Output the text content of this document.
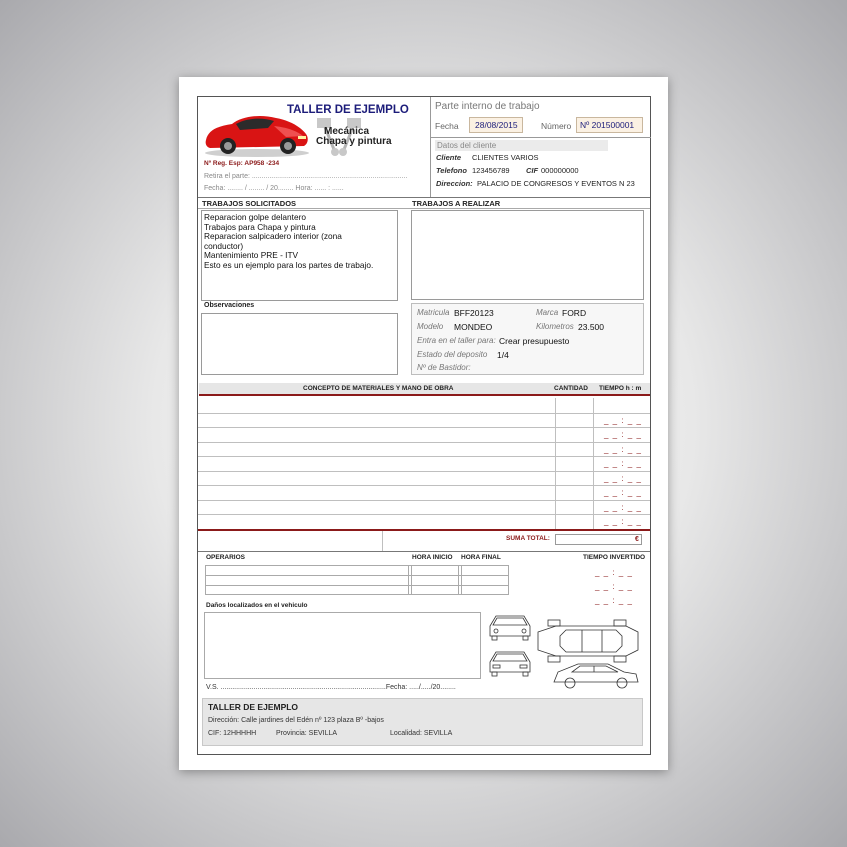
TALLER DE EJEMPLO
Mecánica
Chapa y pintura
Nº Reg. Esp: AP958 -234
Retira el parte: ................................................................................
Fecha: ........ / ........ / 20........ Hora: ...... : ......
Parte interno de trabajo
Fecha 28/08/2015	Número Nº 201500001
Datos del cliente
Cliente CLIENTES VARIOS
Telefono 123456789 CIF 000000000
Direccion: PALACIO DE CONGRESOS Y EVENTOS N 23
TRABAJOS SOLICITADOS	TRABAJOS A REALIZAR
Reparacion golpe delantero
Trabajos para Chapa y pintura
Reparacion salpicadero interior (zona
conductor)
Mantenimiento PRE - ITV
Esto es un ejemplo para los partes de trabajo.
Observaciones
Matricula BFF20123	Marca FORD
Modelo MONDEO	Kilometros 23.500
Entra en el taller para: Crear presupuesto
Estado del deposito 1/4
Nº de Bastidor:
CONCEPTO DE MATERIALES Y MANO DE OBRA	CANTIDAD TIEMPO h : m
_ _ : _ _
_ _ : _ _
_ _ : _ _
_ _ : _ _
_ _ : _ _
_ _ : _ _
_ _ : _ _
_ _ : _ _
SUMA TOTAL:	€
OPERARIOS	HORA INICIO HORA FINAL	TIEMPO INVERTIDO
_ _ : _ _
_ _ : _ _
_ _ : _ _
Daños localizados en el vehiculo
V.S. .....................................................................................Fecha: ...../...../20........
TALLER DE EJEMPLO
Dirección: Calle jardines del Edén nº 123 plaza Bº -bajos
CIF: 12HHHHH	Provincia: SEVILLA	Localidad: SEVILLA
